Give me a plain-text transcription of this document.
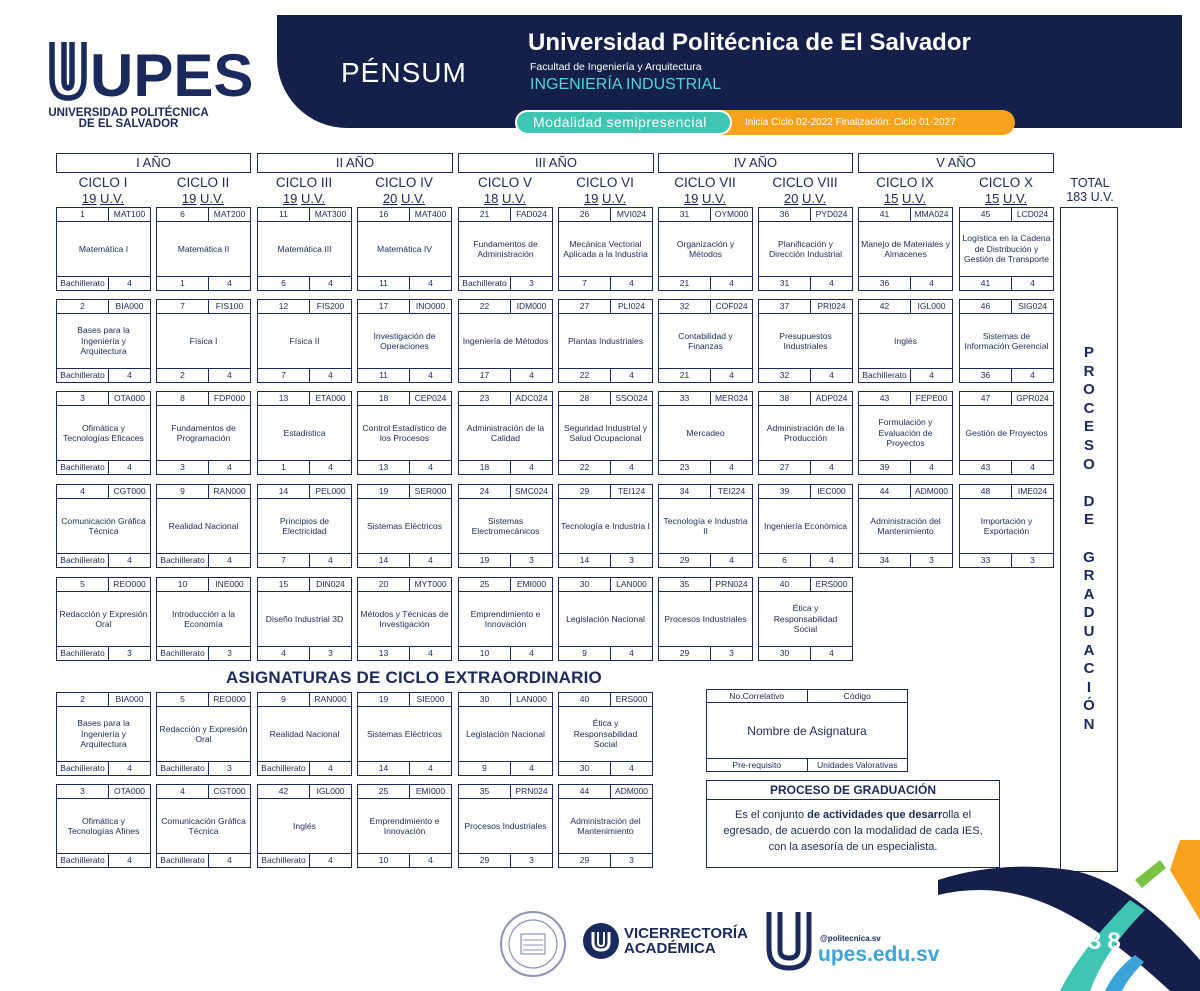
UPES
UNIVERSIDAD POLITÉCNICA
DE EL SALVADOR
PÉNSUM
Universidad Politécnica de El Salvador
Facultad de Ingeniería y Arquitectura
INGENIERÍA INDUSTRIAL
Modalidad semipresencial	Inicia Ciclo 02-2022 Finalización: Ciclo 01-2027
I AÑO	II AÑO	III AÑO	IV AÑO	V AÑO
CICLO I
19 U.V.
CICLO II
19 U.V.
CICLO III
19 U.V.
CICLO IV
20 U.V.
CICLO V
18 U.V.
CICLO VI
19 U.V.
CICLO VII
19 U.V.
CICLO VIII
20 U.V.
CICLO IX
15 U.V.
CICLO X
15 U.V.
TOTAL
183 U.V.
1	MAT100
Matemática I
Bachillerato	4
2	BIA000
Bases para la Ingeniería y Arquitectura
Bachillerato	4
3	OTA000
Ofimática y Tecnologías Eficaces
Bachillerato	4
4	CGT000
Comunicación Gráfica Técnica
Bachillerato	4
5	REO000
Redacción y Expresión Oral
Bachillerato	3
6	MAT200
Matemática II
1	4
7	FIS100
Física I
2	4
8	FDP000
Fundamentos de Programación
3	4
9	RAN000
Realidad Nacional
Bachillerato	4
10	INE000
Introducción a la Economía
Bachillerato	3
11	MAT300
Matemática III
6	4
12	FIS200
Física II
7	4
13	ETA000
Estadística
1	4
14	PEL000
Principios de Electricidad
7	4
15	DIN024
Diseño Industrial 3D
4	3
16	MAT400
Matemática IV
11	4
17	INO000
Investigación de Operaciones
11	4
18	CEP024
Control Estadístico de los Procesos
13	4
19	SER000
Sistemas Eléctricos
14	4
20	MYT000
Métodos y Técnicas de Investigación
13	4
21	FAD024
Fundamentos de Administración
Bachillerato	3
22	IDM000
Ingeniería de Métodos
17	4
23	ADC024
Administración de la Calidad
18	4
24	SMC024
Sistemas Electromecánicos
19	3
25	EMI000
Emprendimiento e Innovación
10	4
26	MVI024
Mecánica Vectorial Aplicada a la Industria
7	4
27	PLI024
Plantas Industriales
22	4
28	SSO024
Seguridad Industrial y Salud Ocupacional
22	4
29	TEI124
Tecnología e Industria I
14	3
30	LAN000
Legislación Nacional
9	4
31	OYM000
Organización y Métodos
21	4
32	COF024
Contabilidad y Finanzas
21	4
33	MER024
Mercadeo
23	4
34	TEI224
Tecnología e Industria II
29	4
35	PRN024
Procesos Industriales
29	3
36	PYD024
Planificación y Dirección Industrial
31	4
37	PRI024
Presupuestos Industriales
32	4
38	ADP024
Administración de la Producción
27	4
39	IEC000
Ingeniería Económica
6	4
40	ERS000
Ética y Responsabilidad Social
30	4
41	MMA024
Manejo de Materiales y Almacenes
36	4
42	IGL000
Inglés
Bachillerato	4
43	FEPE00
Formulación y Evaluación de Proyectos
39	4
44	ADM000
Administración del Mantenimiento
34	3
45	LCD024
Logística en la Cadena de Distribución y Gestión de Transporte
41	4
46	SIG024
Sistemas de Información Gerencial
36	4
47	GPR024
Gestión de Proyectos
43	4
48	IME024
Importación y Exportación
33	3
P
R
O
C
E
S
O
D
E
G
R
A
D
U
A
C
I
Ó
N
ASIGNATURAS DE CICLO EXTRAORDINARIO
2	BIA000
Bases para la Ingeniería y Arquitectura
Bachillerato	4
5	REO000
Redacción y Expresión Oral
Bachillerato	3
9	RAN000
Realidad Nacional
Bachillerato	4
19	SIE000
Sistemas Eléctricos
14	4
30	LAN000
Legislación Nacional
9	4
40	ERS000
Ética y Responsabilidad Social
30	4
3	OTA000
Ofimática y Tecnologías Afines
Bachillerato	4
4	CGT000
Comunicación Gráfica Técnica
Bachillerato	4
42	IGL000
Inglés
Bachillerato	4
25	EMI000
Emprendimiento e Innovación
10	4
35	PRN024
Procesos Industriales
29	3
44	ADM000
Administración del Mantenimiento
29	3
No.Correlativo	Código
Nombre de Asignatura
Pre-requisito	Unidades Valorativas
PROCESO DE GRADUACIÓN
Es el conjunto de actividades que desarrolla el egresado, de acuerdo con la modalidad de cada IES, con la asesoría de un especialista.
VICERRECTORÍA
ACADÉMICA
@politecnica.sv
upes.edu.sv	38
